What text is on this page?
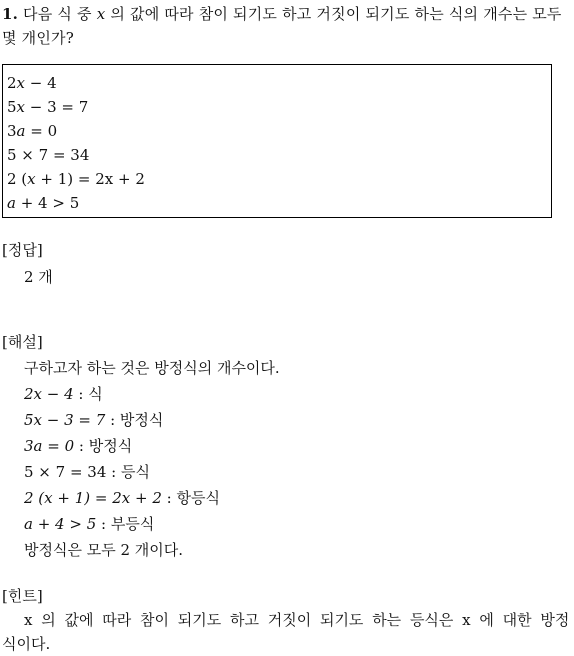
1. 다음 식 중 x 의 값에 따라 참이 되기도 하고 거짓이 되기도 하는 식의 개수는 모두 몇 개인가?
2x − 4
5x − 3 = 7
3a = 0
5 × 7 = 34
2 (x + 1) = 2x + 2
a + 4 > 5
[정답]
2 개
[해설]
구하고자 하는 것은 방정식의 개수이다.
2x − 4 : 식
5x − 3 = 7 : 방정식
3a = 0 : 방정식
5 × 7 = 34 : 등식
2 (x + 1) = 2x + 2 : 항등식
a + 4 > 5 : 부등식
방정식은 모두 2 개이다.
[힌트]
x 의 값에 따라 참이 되기도 하고 거짓이 되기도 하는 등식은 x 에 대한 방정식이다.
